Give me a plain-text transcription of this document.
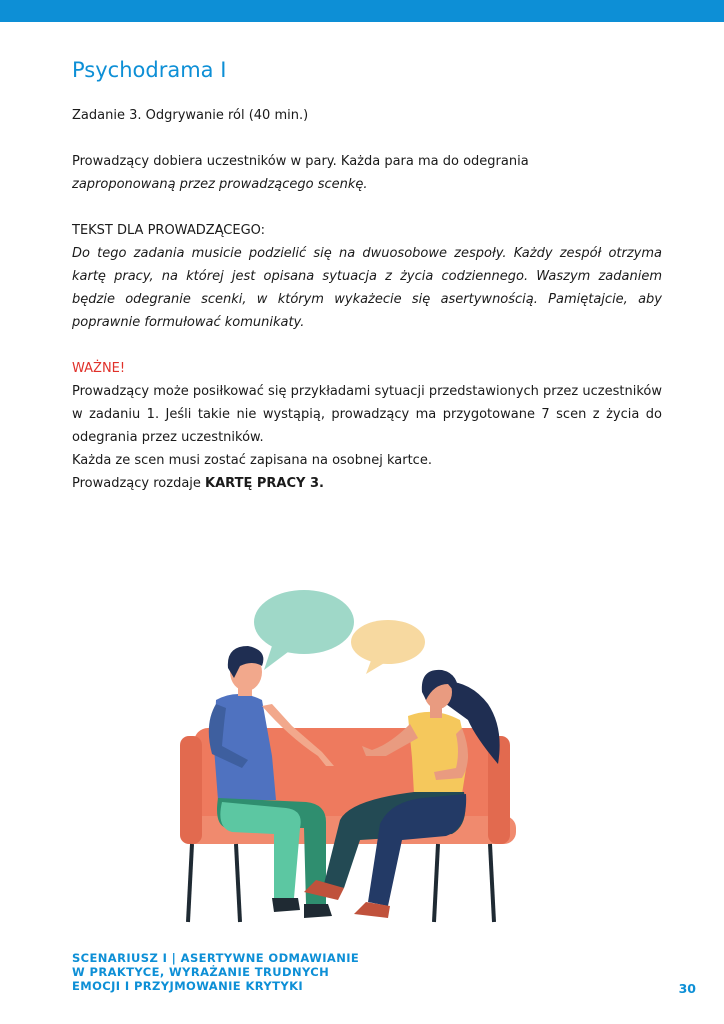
Psychodrama I

Zadanie 3. Odgrywanie ról (40 min.)

Prowadzący dobiera uczestników w pary. Każda para ma do odegrania
zaproponowaną przez prowadzącego scenkę.

TEKST DLA PROWADZĄCEGO:

Do tego zadania musicie podzielić się na dwuosobowe zespoły. Każdy zespół otrzyma kartę pracy, na której jest opisana sytuacja z życia codziennego. Waszym zadaniem będzie odegranie scenki, w którym wykażecie się asertywnością. Pamiętajcie, aby poprawnie formułować komunikaty.

WAŻNE!

Prowadzący może posiłkować się przykładami sytuacji przedstawionych przez uczestników w zadaniu 1. Jeśli takie nie wystąpią, prowadzący ma przygotowane 7 scen z życia do odegrania przez uczestników.

Każda ze scen musi zostać zapisana na osobnej kartce.

Prowadzący rozdaje KARTĘ PRACY 3.

SCENARIUSZ I | ASERTYWNE ODMAWIANIE
W PRAKTYCE, WYRAŻANIE TRUDNYCH
EMOCJI I PRZYJMOWANIE KRYTYKI	30
